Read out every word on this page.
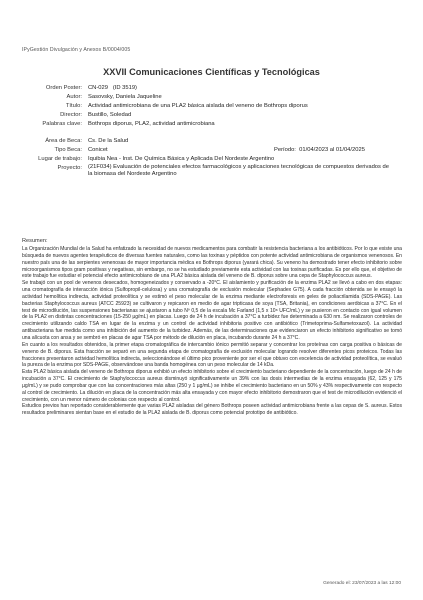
IPyGestión Divulgación y Anexos B/0004/005
XXVII Comunicaciones Científicas y Tecnológicas
Orden Poster: CN-029 (ID 3519)
Autor: Sasovsky, Daniela Jaqueline
Título: Actividad antimicrobiana de una PLA2 básica aislada del veneno de Bothrops diporus
Director: Bustillo, Soledad
Palabras clave: Bothrops diporus, PLA2, actividad antimicrobiana
Área de Beca: Cs. De la Salud
Tipo Beca: Conicet	Período: 01/04/2023 al 01/04/2025
Lugar de trabajo: Iquibia Nea - Inst. De Química Básica y Aplicada Del Nordeste Argentino
Proyecto: (21F034) Evaluación de potenciales efectos farmacológicos y aplicaciones tecnológicas de compuestos derivados de la biomasa del Nordeste Argentino
Resumen:

La Organización Mundial de la Salud ha enfatizado la necesidad de nuevos medicamentos para combatir la resistencia bacteriana a los antibióticos. Por lo que existe una búsqueda de nuevos agentes terapéuticos de diversas fuentes naturales, como las toxinas y péptidos con potente actividad antimicrobiana de organismos venenosos. En nuestro país una de las serpientes venenosas de mayor importancia médica es Bothrops diporus (yarará chica). Su veneno ha demostrado tener efecto inhibitorio sobre microorganismos tipos gram positivas y negativas, sin embargo, no se ha estudiado previamente esta actividad con las toxinas purificadas. Es por ello que, el objetivo de este trabajo fue estudiar el potencial efecto antimicrobiano de una PLA2 básica aislada del veneno de B. diporus sobre una cepa de Staphylococcus aureus.

Se trabajó con un pool de venenos desecados, homogeneizados y conservado a -20°C. El aislamiento y purificación de la enzima PLA2 se llevó a cabo en dos etapas: una cromatografía de interacción iónica (Sulfopropil-celulosa) y una cromatografía de exclusión molecular (Sephadex G75). A cada fracción obtenida se le ensayó la actividad hemolítica indirecta, actividad proteolítica y se estimó el peso molecular de la enzima mediante electroforesis en geles de poliacrilamida (SDS-PAGE). Las bacterias Staphylococcus aureus (ATCC 25923) se cultivaron y repicaron en medio de agar tripticasa de soya (TSA, Britania), en condiciones aeróbicas a 37°C. En el test de microdilución, las suspensiones bacterianas se ajustaron a tubo Nº 0,5 de la escala Mc Farland (1,5 x 10⁸ UFC/mL) y se pusieron en contacto con igual volumen de la PLA2 en distintas concentraciones (15-250 µg/mL) en placas. Luego de 24 h de incubación a 37°C a turbidez fue determinada a 630 nm. Se realizaron controles de crecimiento utilizando caldo TSA en lugar de la enzima y un control de actividad inhibitoria positivo con antibiótico (Trimetoprima-Sulfametoxazol). La actividad antibacteriana fue medida como una inhibición del aumento de la turbidez. Además, de las determinaciones que evidenciaron un efecto inhibitorio significativo se tomó una alícuota con ansa y se sembró en placas de agar TSA por método de dilución en placa, incubando durante 24 h a 37°C.

En cuanto a los resultados obtenidos, la primer etapa cromatográfica de intercambio iónico permitió separar y concentrar los proteínas con carga positiva o básicas de veneno de B. diporus. Esta fracción se separó en una segunda etapa de cromatografía de exclusión molecular logrando resolver diferentes picos proteicos. Todas las fracciones presentaron actividad hemolítica indirecta, seleccionándose el último pico proveniente por ser el que obtuvo con excelencia de actividad proteolítica, se evaluó la pureza de la enzima por SDS-PAGE, observándose una banda homogénea con un peso molecular de 14 kDa.

Esta PLA2 básica aislada del veneno de Bothrops diporus exhibió un efecto inhibitorio sobre el crecimiento bacteriano dependiente de la concentración, luego de 24 h de incubación a 37°C. El crecimiento de Staphylococcus aureus disminuyó significativamente un 39% con las dosis intermedias de la enzima ensayada (62, 125 y 175 µg/mL) y se pudo comprobar que con las concentraciones más altas (250 y 1 µg/mL) se inhibe el crecimiento bacteriano en un 50% y 43% respectivamente con respecto al control de crecimiento. La dilución en placa de la concentración más alta ensayada y con mayor efecto inhibitorio demostraron que el test de microdilución evidenció el crecimiento, con un menor número de colonias con respecto al control.

Estudios previos han reportado considerablemente que varias PLA2 aisladas del género Bothrops poseen actividad antimicrobiana frente a las cepas de S. aureus. Estos resultados preliminares sientan base en el estudio de la PLA2 aislada de B. diporus como potencial prototipo de antibiótico.

Generado el: 23/07/2023 a las 12:00
